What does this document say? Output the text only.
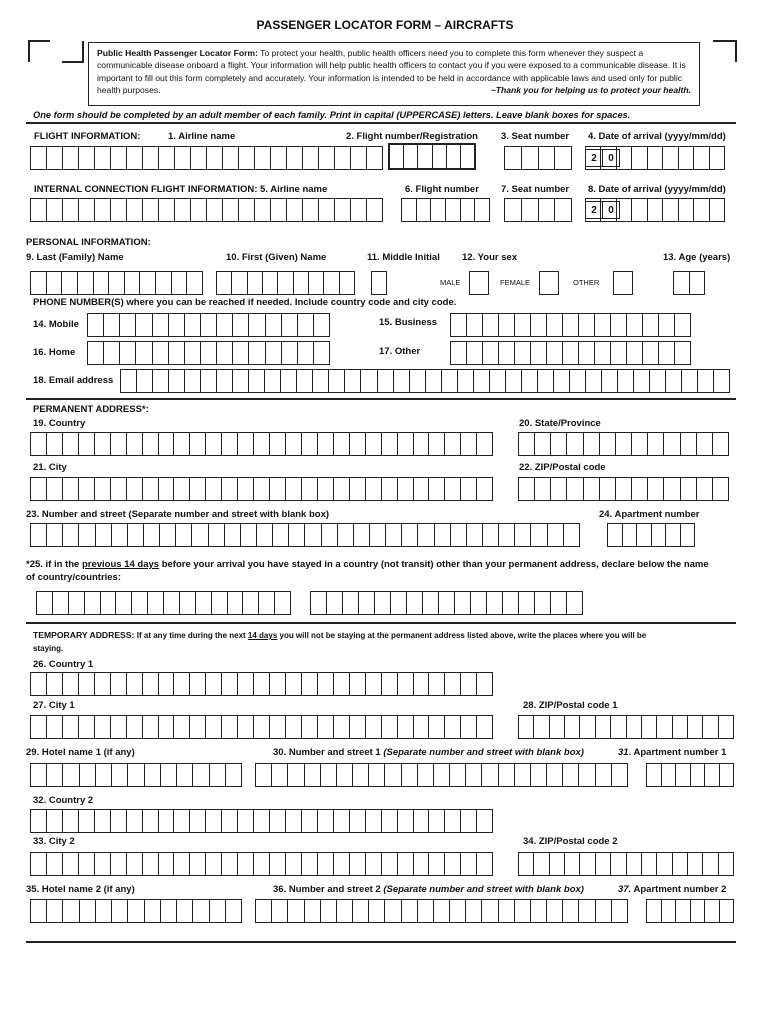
PASSENGER LOCATOR FORM – AIRCRAFTS
Public Health Passenger Locator Form: To protect your health, public health officers need you to complete this form whenever they suspect a communicable disease onboard a flight. Your information will help public health officers to contact you if you were exposed to a communicable disease. It is important to fill out this form completely and accurately. Your information is intended to be held in accordance with applicable laws and used only for public health purposes.	~Thank you for helping us to protect your health.
One form should be completed by an adult member of each family. Print in capital (UPPERCASE) letters. Leave blank boxes for spaces.
FLIGHT INFORMATION:	1. Airline name	2. Flight number/Registration 3. Seat number 4. Date of arrival (yyyy/mm/dd)
2	0
INTERNAL CONNECTION FLIGHT INFORMATION: 5. Airline name	6. Flight number 7. Seat number 8. Date of arrival (yyyy/mm/dd)
2	0
PERSONAL INFORMATION:
9. Last (Family) Name	10. First (Given) Name	11. Middle Initial 12. Your sex	13. Age (years)
MALE	FEMALE	OTHER
PHONE NUMBER(S) where you can be reached if needed. Include country code and city code.
14. Mobile	15. Business
16. Home	17. Other
18. Email address
PERMANENT ADDRESS*:
19. Country	20. State/Province
21. City	22. ZIP/Postal code
23. Number and street (Separate number and street with blank box)	24. Apartment number
*25. if in the previous 14 days before your arrival you have stayed in a country (not transit) other than your permanent address, declare below the name
of country/countries:
TEMPORARY ADDRESS: If at any time during the next 14 days you will not be staying at the permanent address listed above, write the places where you will be
staying.
26. Country 1
27. City 1	28. ZIP/Postal code 1
29. Hotel name 1 (if any)	30. Number and street 1 (Separate number and street with blank box)	31. Apartment number 1
32. Country 2
33. City 2	34. ZIP/Postal code 2
35. Hotel name 2 (if any)	36. Number and street 2 (Separate number and street with blank box)	37. Apartment number 2
